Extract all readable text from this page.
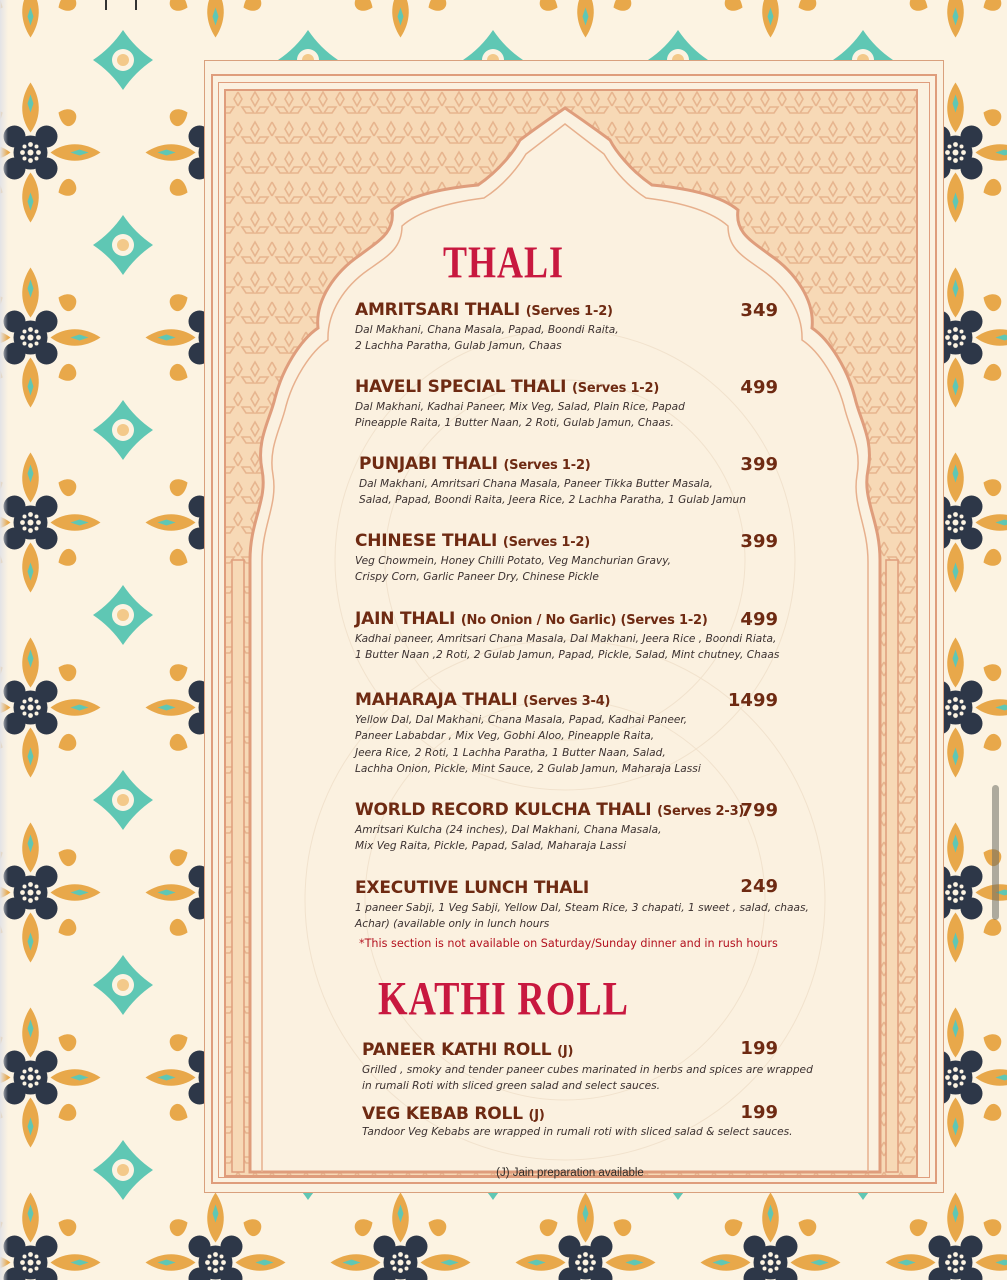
THALI
AMRITSARI THALI (Serves 1-2)
Dal Makhani, Chana Masala, Papad, Boondi Raita,
2 Lachha Paratha, Gulab Jamun, Chaas
349
HAVELI SPECIAL THALI (Serves 1-2)
Dal Makhani, Kadhai Paneer, Mix Veg, Salad, Plain Rice, Papad
Pineapple Raita, 1 Butter Naan, 2 Roti, Gulab Jamun, Chaas.
499
PUNJABI THALI (Serves 1-2)
Dal Makhani, Amritsari Chana Masala, Paneer Tikka Butter Masala,
Salad, Papad, Boondi Raita, Jeera Rice, 2 Lachha Paratha, 1 Gulab Jamun
399
CHINESE THALI (Serves 1-2)
Veg Chowmein, Honey Chilli Potato, Veg Manchurian Gravy,
Crispy Corn, Garlic Paneer Dry, Chinese Pickle
399
JAIN THALI (No Onion / No Garlic) (Serves 1-2)
Kadhai paneer, Amritsari Chana Masala, Dal Makhani, Jeera Rice , Boondi Riata,
1 Butter Naan ,2 Roti, 2 Gulab Jamun, Papad, Pickle, Salad, Mint chutney, Chaas
499
MAHARAJA THALI (Serves 3-4)
Yellow Dal, Dal Makhani, Chana Masala, Papad, Kadhai Paneer,
Paneer Lababdar , Mix Veg, Gobhi Aloo, Pineapple Raita,
Jeera Rice, 2 Roti, 1 Lachha Paratha, 1 Butter Naan, Salad,
Lachha Onion, Pickle, Mint Sauce, 2 Gulab Jamun, Maharaja Lassi
1499
WORLD RECORD KULCHA THALI (Serves 2-3)
Amritsari Kulcha (24 inches), Dal Makhani, Chana Masala,
Mix Veg Raita, Pickle, Papad, Salad, Maharaja Lassi
799
EXECUTIVE LUNCH THALI
1 paneer Sabji, 1 Veg Sabji, Yellow Dal, Steam Rice, 3 chapati, 1 sweet , salad, chaas,
Achar) (available only in lunch hours
249
*This section is not available on Saturday/Sunday dinner and in rush hours
KATHI ROLL
PANEER KATHI ROLL (J)
Grilled , smoky and tender paneer cubes marinated in herbs and spices are wrapped
in rumali Roti with sliced green salad and select sauces.
199
VEG KEBAB ROLL (J)
Tandoor Veg Kebabs are wrapped in rumali roti with sliced salad & select sauces.
199
(J) Jain preparation available
